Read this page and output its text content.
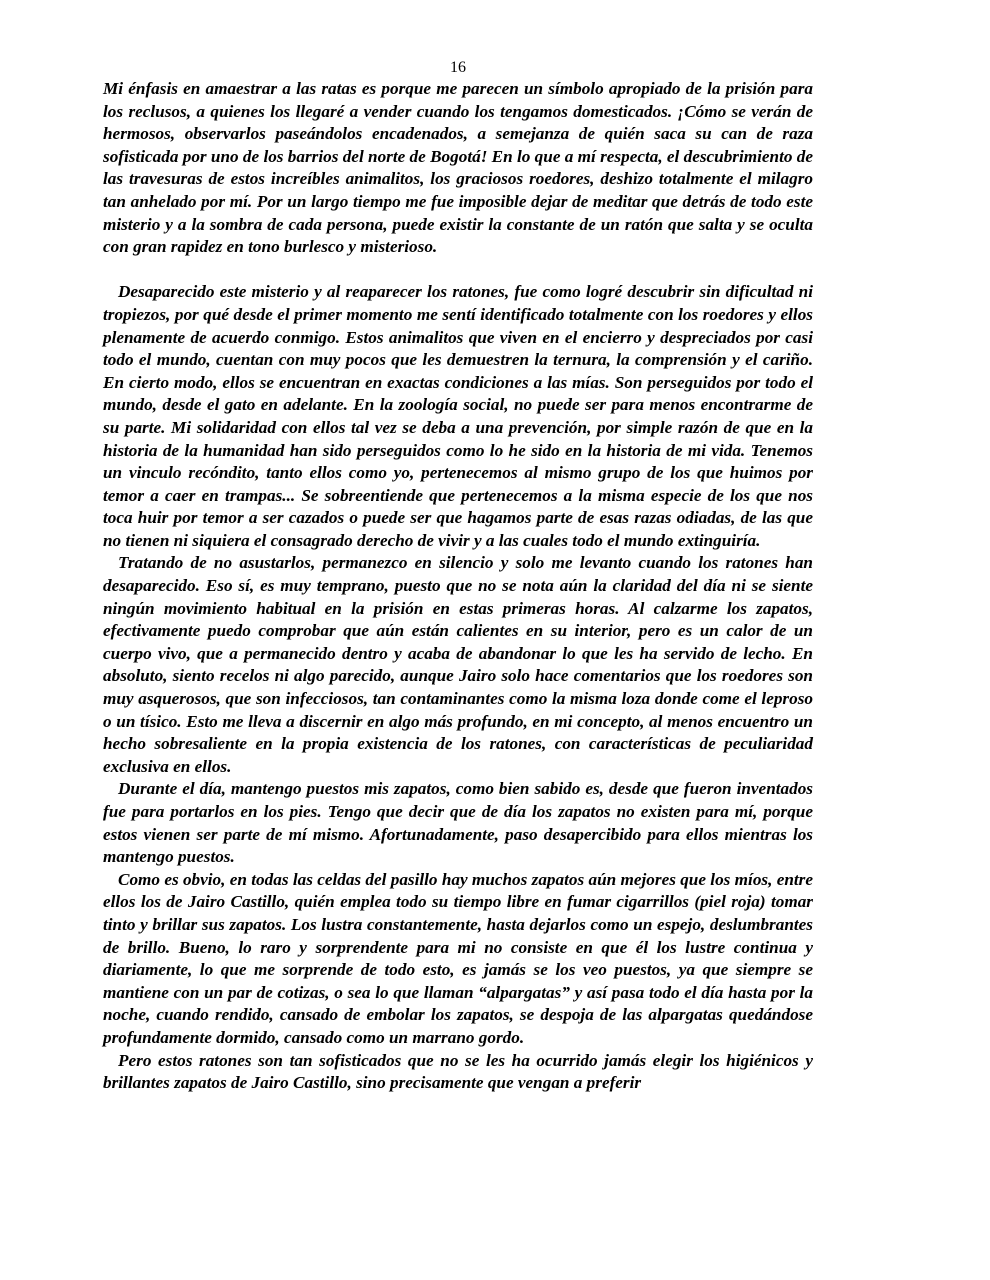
16

Mi énfasis en amaestrar a las ratas es porque me parecen un símbolo apropiado de la prisión para los reclusos, a quienes los llegaré a vender cuando los tengamos domesticados. ¡Cómo se verán de hermosos, observarlos paseándolos encadenados, a semejanza de quién saca su can de raza sofisticada por uno de los barrios del norte de Bogotá! En lo que a mí respecta, el descubrimiento de las travesuras de estos increíbles animalitos, los graciosos roedores, deshizo totalmente el milagro tan anhelado por mí. Por un largo tiempo me fue imposible dejar de meditar que detrás de todo este misterio y a la sombra de cada persona, puede existir la constante de un ratón que salta y se oculta con gran rapidez en tono burlesco y misterioso.

Desaparecido este misterio y al reaparecer los ratones, fue como logré descubrir sin dificultad ni tropiezos, por qué desde el primer momento me sentí identificado totalmente con los roedores y ellos plenamente de acuerdo conmigo. Estos animalitos que viven en el encierro y despreciados por casi todo el mundo, cuentan con muy pocos que les demuestren la ternura, la comprensión y el cariño. En cierto modo, ellos se encuentran en exactas condiciones a las mías. Son perseguidos por todo el mundo, desde el gato en adelante. En la zoología social, no puede ser para menos encontrarme de su parte. Mi solidaridad con ellos tal vez se deba a una prevención, por simple razón de que en la historia de la humanidad han sido perseguidos como lo he sido en la historia de mi vida. Tenemos un vinculo recóndito, tanto ellos como yo, pertenecemos al mismo grupo de los que huimos por temor a caer en trampas... Se sobreentiende que pertenecemos a la misma especie de los que nos toca huir por temor a ser cazados o puede ser que hagamos parte de esas razas odiadas, de las que no tienen ni siquiera el consagrado derecho de vivir y a las cuales todo el mundo extinguiría.

Tratando de no asustarlos, permanezco en silencio y solo me levanto cuando los ratones han desaparecido. Eso sí, es muy temprano, puesto que no se nota aún la claridad del día ni se siente ningún movimiento habitual en la prisión en estas primeras horas. Al calzarme los zapatos, efectivamente puedo comprobar que aún están calientes en su interior, pero es un calor de un cuerpo vivo, que a permanecido dentro y acaba de abandonar lo que les ha servido de lecho. En absoluto, siento recelos ni algo parecido, aunque Jairo solo hace comentarios que los roedores son muy asquerosos, que son infecciosos, tan contaminantes como la misma loza donde come el leproso o un tísico. Esto me lleva a discernir en algo más profundo, en mi concepto, al menos encuentro un hecho sobresaliente en la propia existencia de los ratones, con características de peculiaridad exclusiva en ellos.

Durante el día, mantengo puestos mis zapatos, como bien sabido es, desde que fueron inventados fue para portarlos en los pies. Tengo que decir que de día los zapatos no existen para mí, porque estos vienen ser parte de mí mismo. Afortunadamente, paso desapercibido para ellos mientras los mantengo puestos.

Como es obvio, en todas las celdas del pasillo hay muchos zapatos aún mejores que los míos, entre ellos los de Jairo Castillo, quién emplea todo su tiempo libre en fumar cigarrillos (piel roja) tomar tinto y brillar sus zapatos. Los lustra constantemente, hasta dejarlos como un espejo, deslumbrantes de brillo. Bueno, lo raro y sorprendente para mi no consiste en que él los lustre continua y diariamente, lo que me sorprende de todo esto, es jamás se los veo puestos, ya que siempre se mantiene con un par de cotizas, o sea lo que llaman “alpargatas” y así pasa todo el día hasta por la noche, cuando rendido, cansado de embolar los zapatos, se despoja de las alpargatas quedándose profundamente dormido, cansado como un marrano gordo.

Pero estos ratones son tan sofisticados que no se les ha ocurrido jamás elegir los higiénicos y brillantes zapatos de Jairo Castillo, sino precisamente que vengan a preferir
